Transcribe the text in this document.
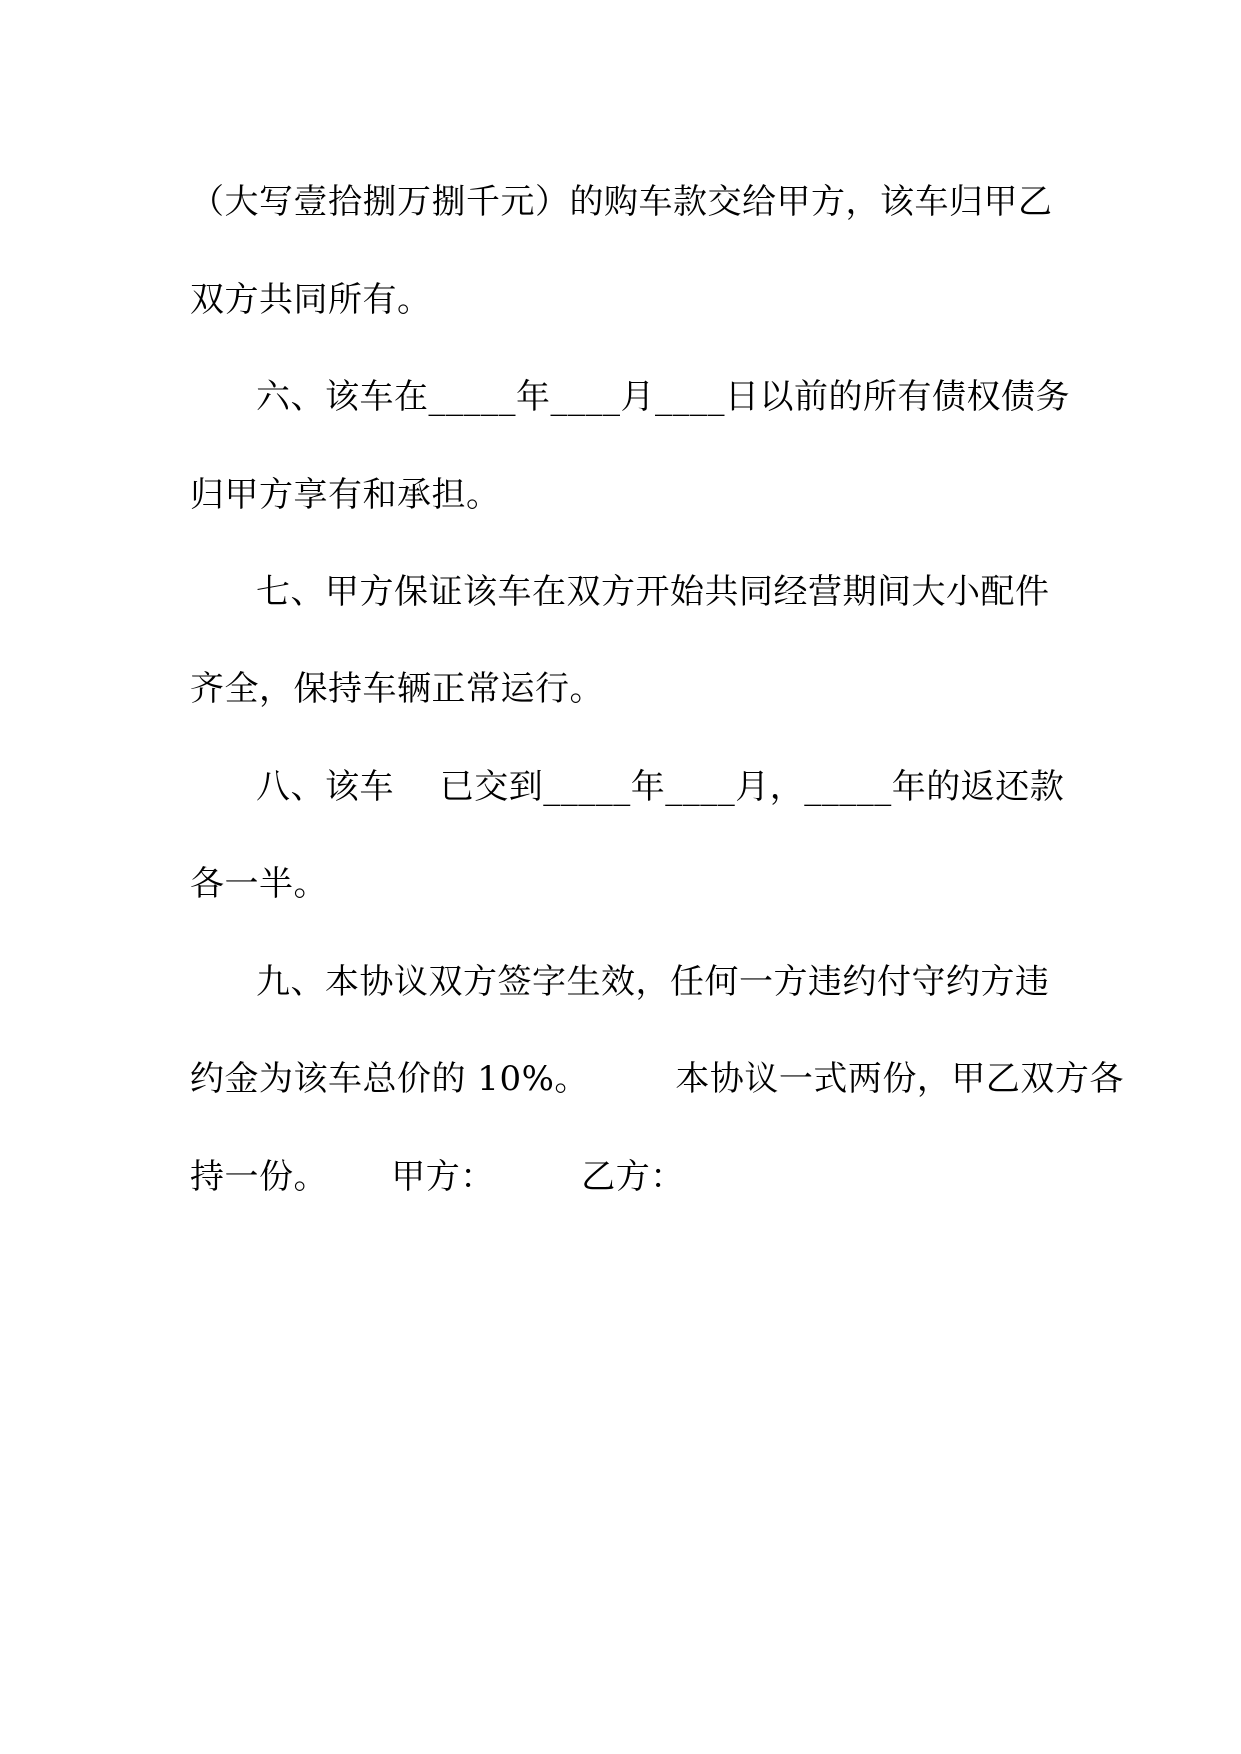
（大写壹拾捌万捌千元）的购车款交给甲方，该车归甲乙
双方共同所有。
六、该车在_____年____月____日以前的所有债权债务
归甲方享有和承担。
七、甲方保证该车在双方开始共同经营期间大小配件
齐全，保持车辆正常运行。
八、该车　 已交到_____年____月，_____年的返还款
各一半。
九、本协议双方签字生效，任何一方违约付守约方违
约金为该车总价的 10%。　　　本协议一式两份，甲乙双方各
持一份。　　 甲方：　　　乙方：
